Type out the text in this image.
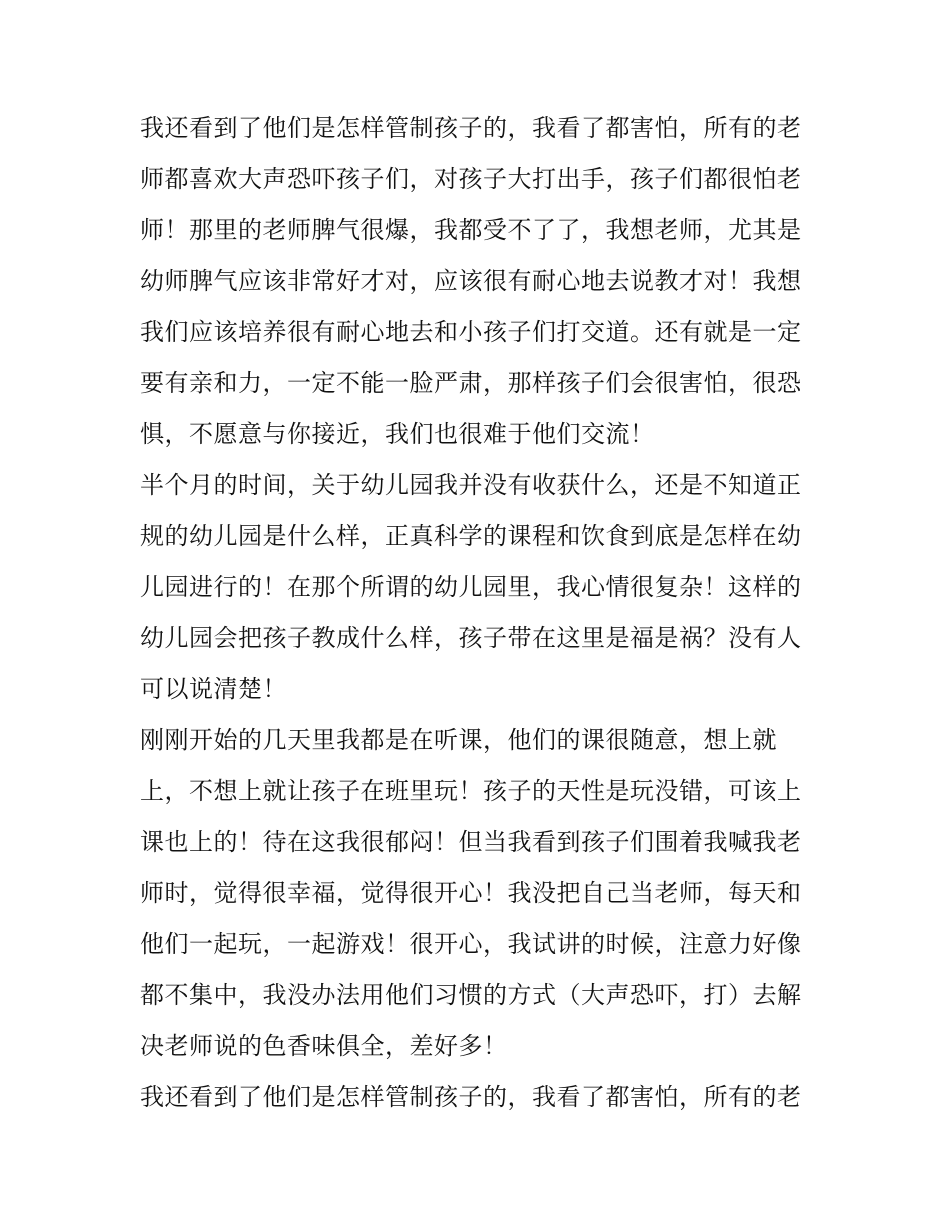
我还看到了他们是怎样管制孩子的，我看了都害怕，所有的老
师都喜欢大声恐吓孩子们，对孩子大打出手，孩子们都很怕老
师！那里的老师脾气很爆，我都受不了了，我想老师，尤其是
幼师脾气应该非常好才对，应该很有耐心地去说教才对！我想
我们应该培养很有耐心地去和小孩子们打交道。还有就是一定
要有亲和力，一定不能一脸严肃，那样孩子们会很害怕，很恐
惧，不愿意与你接近，我们也很难于他们交流！
半个月的时间，关于幼儿园我并没有收获什么，还是不知道正
规的幼儿园是什么样，正真科学的课程和饮食到底是怎样在幼
儿园进行的！在那个所谓的幼儿园里，我心情很复杂！这样的
幼儿园会把孩子教成什么样，孩子带在这里是福是祸？没有人
可以说清楚！
刚刚开始的几天里我都是在听课，他们的课很随意，想上就
上，不想上就让孩子在班里玩！孩子的天性是玩没错，可该上
课也上的！待在这我很郁闷！但当我看到孩子们围着我喊我老
师时，觉得很幸福，觉得很开心！我没把自己当老师，每天和
他们一起玩，一起游戏！很开心，我试讲的时候，注意力好像
都不集中，我没办法用他们习惯的方式（大声恐吓，打）去解
决老师说的色香味俱全，差好多！
我还看到了他们是怎样管制孩子的，我看了都害怕，所有的老
